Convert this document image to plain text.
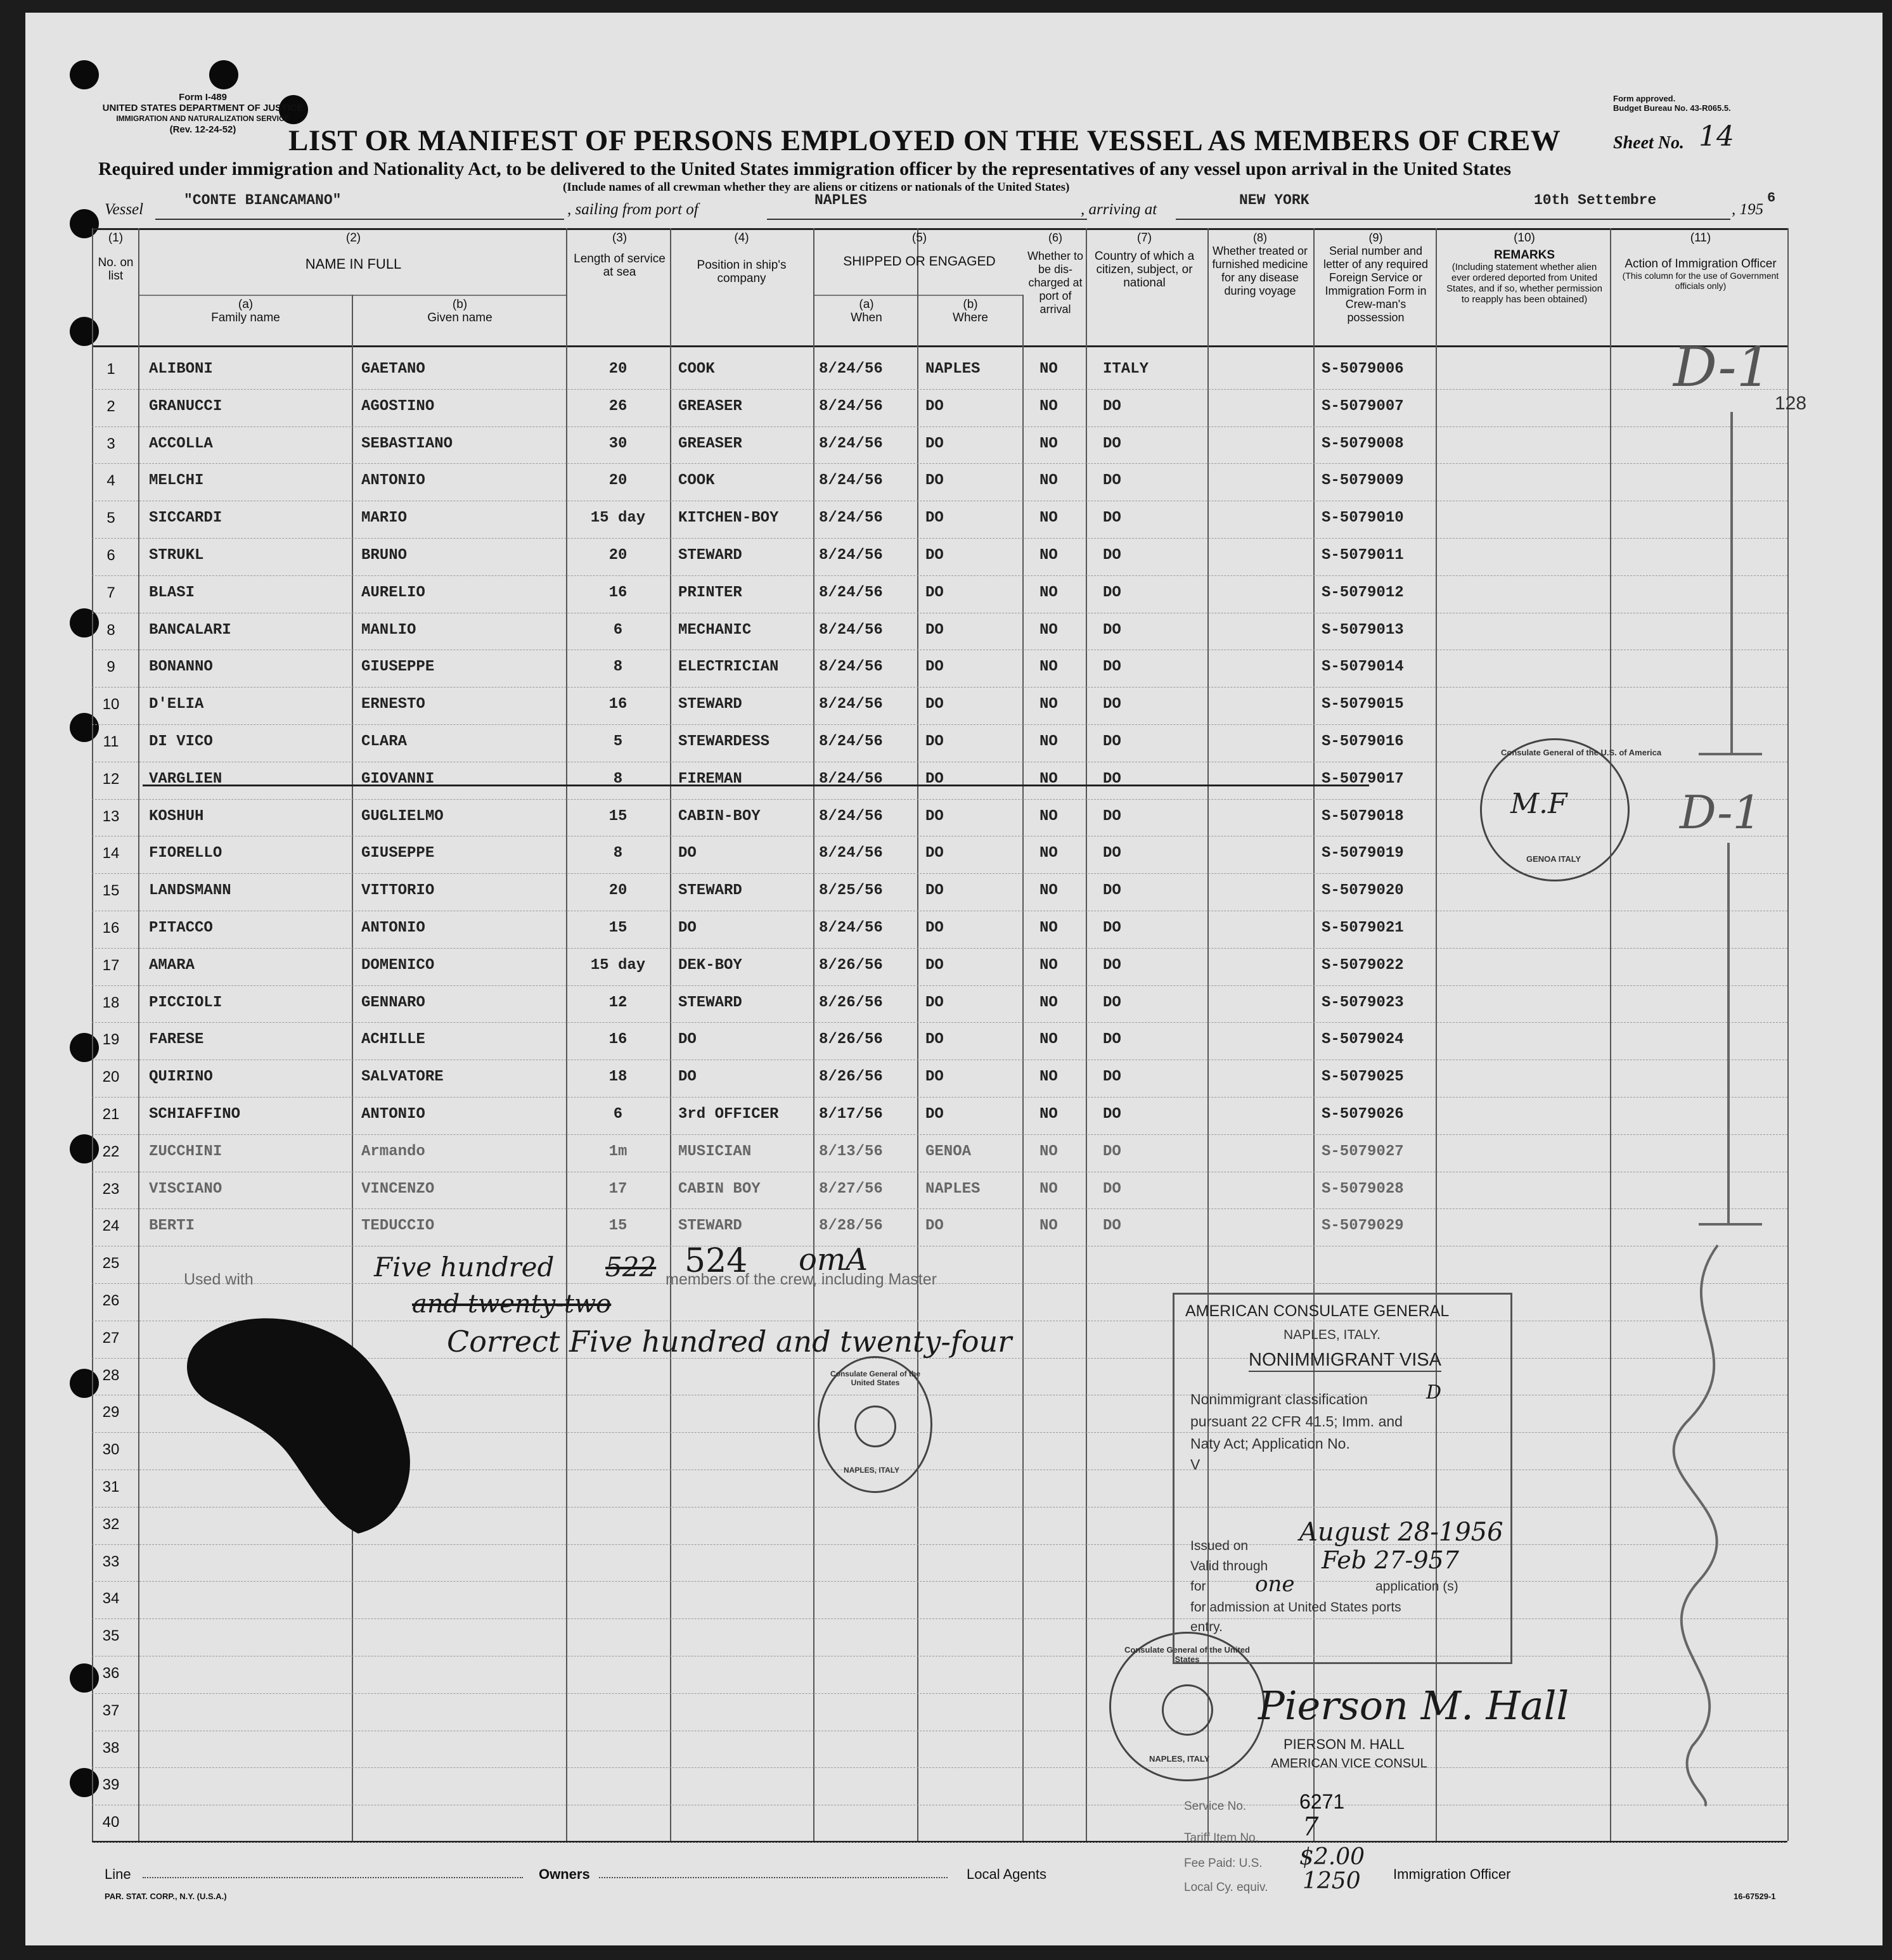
Form I-489
UNITED STATES DEPARTMENT OF JUSTICE
IMMIGRATION AND NATURALIZATION SERVICE
(Rev. 12-24-52)
Form approved.
Budget Bureau No. 43-R065.5.
LIST OR MANIFEST OF PERSONS EMPLOYED ON THE VESSEL AS MEMBERS OF CREW	Sheet No. 14
Required under immigration and Nationality Act, to be delivered to the United States immigration officer by the representatives of any vessel upon arrival in the United States
(Include names of all crewman whether they are aliens or citizens or nationals of the United States)
Vessel
"CONTE BIANCAMANO"
, sailing from port of
NAPLES
, arriving at
NEW YORK	10th Settembre
, 195
6
(1)
No. on list
(2)
NAME IN FULL
(a)
Family name
(b)
Given name
(3)
Length of service at sea
(4)
Position in ship's company
(5)
SHIPPED OR ENGAGED
(a)
When
(b)
Where
(6)
Whether to be dis-charged at port of arrival
(7)
Country of which a citizen, subject, or national
(8)
Whether treated or furnished medicine for any disease during voyage
(9)
Serial number and letter of any required Foreign Service or Immigration Form in Crew-man's possession
(10)
REMARKS
(Including statement whether alien ever ordered deported from United States, and if so, whether permission to reapply has been obtained)
(11)
Action of Immigration Officer
(This column for the use of Government officials only)
1	ALIBONI	GAETANO	20	COOK	8/24/56	NAPLES	NO	ITALY	S-5079006
2	GRANUCCI	AGOSTINO	26	GREASER	8/24/56	DO	NO	DO	S-5079007
3	ACCOLLA	SEBASTIANO	30	GREASER	8/24/56	DO	NO	DO	S-5079008
4	MELCHI	ANTONIO	20	COOK	8/24/56	DO	NO	DO	S-5079009
5	SICCARDI	MARIO	15 day	KITCHEN-BOY	8/24/56	DO	NO	DO	S-5079010
6	STRUKL	BRUNO	20	STEWARD	8/24/56	DO	NO	DO	S-5079011
7	BLASI	AURELIO	16	PRINTER	8/24/56	DO	NO	DO	S-5079012
8	BANCALARI	MANLIO	6	MECHANIC	8/24/56	DO	NO	DO	S-5079013
9	BONANNO	GIUSEPPE	8	ELECTRICIAN	8/24/56	DO	NO	DO	S-5079014
10	D'ELIA	ERNESTO	16	STEWARD	8/24/56	DO	NO	DO	S-5079015
11	DI VICO	CLARA	5	STEWARDESS	8/24/56	DO	NO	DO	S-5079016
12	VARGLIEN	GIOVANNI	8	FIREMAN	8/24/56	DO	NO	DO	S-5079017
13	KOSHUH	GUGLIELMO	15	CABIN-BOY	8/24/56	DO	NO	DO	S-5079018
14	FIORELLO	GIUSEPPE	8	DO	8/24/56	DO	NO	DO	S-5079019
15	LANDSMANN	VITTORIO	20	STEWARD	8/25/56	DO	NO	DO	S-5079020
16	PITACCO	ANTONIO	15	DO	8/24/56	DO	NO	DO	S-5079021
17	AMARA	DOMENICO	15 day	DEK-BOY	8/26/56	DO	NO	DO	S-5079022
18	PICCIOLI	GENNARO	12	STEWARD	8/26/56	DO	NO	DO	S-5079023
19	FARESE	ACHILLE	16	DO	8/26/56	DO	NO	DO	S-5079024
20	QUIRINO	SALVATORE	18	DO	8/26/56	DO	NO	DO	S-5079025
21	SCHIAFFINO	ANTONIO	6	3rd OFFICER	8/17/56	DO	NO	DO	S-5079026
22	ZUCCHINI	Armando	1m	MUSICIAN	8/13/56	GENOA	NO	DO	S-5079027
23	VISCIANO	VINCENZO	17	CABIN BOY	8/27/56	NAPLES	NO	DO	S-5079028
24	BERTI	TEDUCCIO	15	STEWARD	8/28/56	DO	NO	DO	S-5079029
25
26
27
28
29
30
31
32
33
34
35
36
37
38
39
40
D-1
128
D-1
Used with	members of the crew, including Master
Five hundred 522 524 omA
and twenty-two
Correct Five hundred and twenty-four
Consulate General of the U.S. of America
M.F
GENOA ITALY
Consulate General of the United States
NAPLES, ITALY
Consulate General of the United States
NAPLES, ITALY
AMERICAN CONSULATE GENERAL
NAPLES, ITALY.
NONIMMIGRANT VISA
Nonimmigrant classification	D
pursuant 22 CFR 41.5; Imm. and
Naty Act; Application No.
V
Issued on August 28-1956
Valid through Feb 27-957
for one	application (s)
for admission at United States ports
entry.
Pierson M. Hall
PIERSON M. HALL
AMERICAN VICE CONSUL
Service No.	6271
Tariff Item No. 7
Fee Paid: U.S. $2.00
Local Cy. equiv. 1250
Line	Owners	Local Agents	Immigration Officer
PAR. STAT. CORP., N.Y. (U.S.A.)	16-67529-1
